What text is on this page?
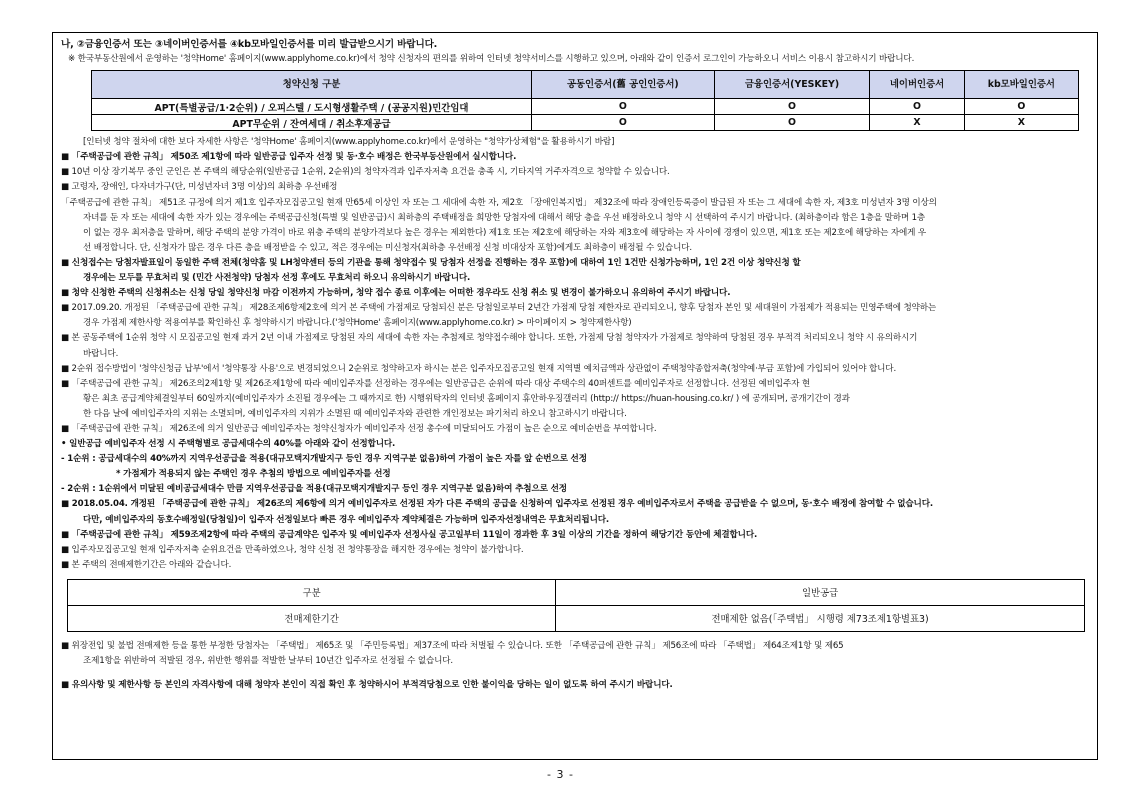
나, ②금융인증서 또는 ③네이버인증서를 ④kb모바일인증서를 미리 발급받으시기 바랍니다.
※ 한국부동산원에서 운영하는 '청약Home' 홈페이지(www.applyhome.co.kr)에서 청약 신청자의 편의를 위하여 인터넷 청약서비스를 시행하고 있으며, 아래와 같이 인증서 로그인이 가능하오니 서비스 이용시 참고하시기 바랍니다.
청약신청 구분	공동인증서(舊 공인인증서)	금융인증서(YESKEY)	네이버인증서	kb모바일인증서
APT(특별공급/1·2순위) / 오피스텔 / 도시형생활주택 / (공공지원)민간임대	O	O	O	O
APT무순위 / 잔여세대 / 취소후재공급	O	O	X	X
[인터넷 청약 절차에 대한 보다 자세한 사항은 '청약Home' 홈페이지(www.applyhome.co.kr)에서 운영하는 "청약가상체험"을 활용하시기 바람]
■ 「주택공급에 관한 규칙」 제50조 제1항에 따라 일반공급 입주자 선정 및 동·호수 배정은 한국부동산원에서 실시합니다.
■ 10년 이상 장기복무 중인 군인은 본 주택의 해당순위(일반공급 1순위, 2순위)의 청약자격과 입주자저축 요건을 충족 시, 기타지역 거주자격으로 청약할 수 있습니다.
■ 고령자, 장애인, 다자녀가구(단, 미성년자녀 3명 이상)의 최하층 우선배정
「주택공급에 관한 규칙」 제51조 규정에 의거 제1호 입주자모집공고일 현재 만65세 이상인 자 또는 그 세대에 속한 자, 제2호 「장애인복지법」 제32조에 따라 장애인등록증이 발급된 자 또는 그 세대에 속한 자, 제3호 미성년자 3명 이상의
자녀를 둔 자 또는 세대에 속한 자가 있는 경우에는 주택공급신청(특별 및 일반공급)시 최하층의 주택배정을 희망한 당첨자에 대해서 해당 층을 우선 배정하오니 청약 시 선택하여 주시기 바랍니다. (최하층이라 함은 1층을 말하며 1층
이 없는 경우 최저층을 말하며, 해당 주택의 분양 가격이 바로 위층 주택의 분양가격보다 높은 경우는 제외한다) 제1호 또는 제2호에 해당하는 자와 제3호에 해당하는 자 사이에 경쟁이 있으면, 제1호 또는 제2호에 해당하는 자에게 우
선 배정합니다. 단, 신청자가 많은 경우 다른 층을 배정받을 수 있고, 적은 경우에는 미신청자(최하층 우선배정 신청 비대상자 포함)에게도 최하층이 배정될 수 있습니다.
■ 신청접수는 당첨자발표일이 동일한 주택 전체(청약홈 및 LH청약센터 등의 기관을 통해 청약접수 및 당첨자 선정을 진행하는 경우 포함)에 대하여 1인 1건만 신청가능하며, 1인 2건 이상 청약신청 할
경우에는 모두를 무효처리 및 (민간 사전청약) 당첨자 선정 후에도 무효처리 하오니 유의하시기 바랍니다.
■ 청약 신청한 주택의 신청취소는 신청 당일 청약신청 마감 이전까지 가능하며, 청약 접수 종료 이후에는 어떠한 경우라도 신청 취소 및 변경이 불가하오니 유의하여 주시기 바랍니다.
■ 2017.09.20. 개정된 「주택공급에 관한 규칙」 제28조제6항제2호에 의거 본 주택에 가점제로 당첨되신 분은 당첨일로부터 2년간 가점제 당첨 제한자로 관리되오니, 향후 당첨자 본인 및 세대원이 가점제가 적용되는 민영주택에 청약하는
경우 가점제 제한사항 적용여부를 확인하신 후 청약하시기 바랍니다.('청약Home' 홈페이지(www.applyhome.co.kr) > 마이페이지 > 청약제한사항)
■ 본 공동주택에 1순위 청약 시 모집공고일 현재 과거 2년 이내 가점제로 당첨된 자의 세대에 속한 자는 추첨제로 청약접수해야 합니다. 또한, 가점제 당첨 청약자가 가점제로 청약하여 당첨된 경우 부적격 처리되오니 청약 시 유의하시기
바랍니다.
■ 2순위 접수방법이 '청약신청금 납부'에서 '청약통장 사용'으로 변경되었으니 2순위로 청약하고자 하시는 분은 입주자모집공고일 현재 지역별 예치금액과 상관없이 주택청약종합저축(청약예·부금 포함)에 가입되어 있어야 합니다.
■ 「주택공급에 관한 규칙」 제26조의2제1항 및 제26조제1항에 따라 예비입주자를 선정하는 경우에는 일반공급은 순위에 따라 대상 주택수의 40퍼센트를 예비입주자로 선정합니다. 선정된 예비입주자 현
황은 최초 공급계약체결일부터 60일까지(예비입주자가 소진될 경우에는 그 때까지로 한) 시행위탁자의 인터넷 홈페이지 휴안하우징갤러리 (http:// https://huan-housing.co.kr/ ) 에 공개되며, 공개기간이 경과
한 다음 날에 예비입주자의 지위는 소멸되며, 예비입주자의 지위가 소멸된 때 예비입주자와 관련한 개인정보는 파기처리 하오니 참고하시기 바랍니다.
■ 「주택공급에 관한 규칙」 제26조에 의거 일반공급 예비입주자는 청약신청자가 예비입주자 선정 총수에 미달되어도 가점이 높은 순으로 예비순번을 부여합니다.
• 일반공급 예비입주자 선정 시 주택형별로 공급세대수의 40%를 아래와 같이 선정합니다.
- 1순위 : 공급세대수의 40%까지 지역우선공급을 적용(대규모택지개발지구 등인 경우 지역구분 없음)하여 가점이 높은 자를 앞 순번으로 선정
* 가점제가 적용되지 않는 주택인 경우 추첨의 방법으로 예비입주자를 선정
- 2순위 : 1순위에서 미달된 예비공급세대수 만큼 지역우선공급을 적용(대규모택지개발지구 등인 경우 지역구분 없음)하여 추첨으로 선정
■ 2018.05.04. 개정된 「주택공급에 관한 규칙」 제26조의 제6항에 의거 예비입주자로 선정된 자가 다른 주택의 공급을 신청하여 입주자로 선정된 경우 예비입주자로서 주택을 공급받을 수 없으며, 동·호수 배정에 참여할 수 없습니다.
다만, 예비입주자의 동호수배정일(당첨일)이 입주자 선정일보다 빠른 경우 예비입주자 계약체결은 가능하며 입주자선정내역은 무효처리됩니다.
■ 「주택공급에 관한 규칙」 제59조제2항에 따라 주택의 공급계약은 입주자 및 예비입주자 선정사실 공고일부터 11일이 경과한 후 3일 이상의 기간을 정하여 해당기간 동안에 체결합니다.
■ 입주자모집공고일 현재 입주자저축 순위요건을 만족하였으나, 청약 신청 전 청약통장을 해지한 경우에는 청약이 불가합니다.
■ 본 주택의 전매제한기간은 아래와 같습니다.
구분	일반공급
전매제한기간	전매제한 없음(「주택법」 시행령 제73조제1항별표3)
■ 위장전입 및 불법 전매제한 등을 통한 부정한 당첨자는 「주택법」 제65조 및 「주민등록법」제37조에 따라 처벌될 수 있습니다. 또한 「주택공급에 관한 규칙」 제56조에 따라 「주택법」 제64조제1항 및 제65
조제1항을 위반하여 적발된 경우, 위반한 행위를 적발한 날부터 10년간 입주자로 선정될 수 없습니다.
■ 유의사항 및 제한사항 등 본인의 자격사항에 대해 청약자 본인이 직접 확인 후 청약하시어 부적격당첨으로 인한 불이익을 당하는 일이 없도록 하여 주시기 바랍니다.
- 3 -
